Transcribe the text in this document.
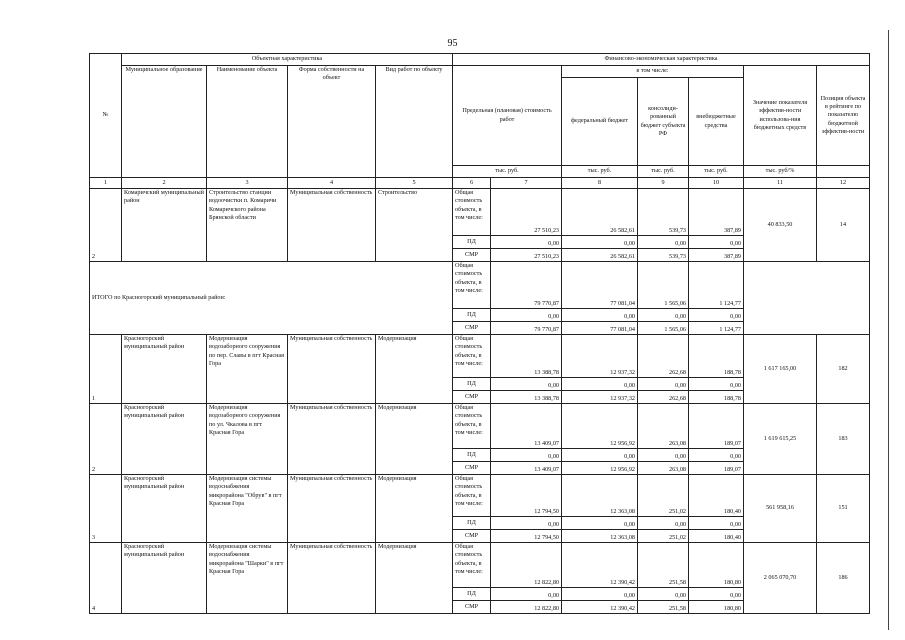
95
№	Объектная характеристика				Финансово-экономическая характеристика						
	Муниципальное образование	Наименование объекта	Форма собственности на объект	Вид работ по объекту	Предельная (плановая) стоимость работ		в том числе:			Значение показателя эффектив-ности использова-ния бюджетных средств	Позиция объекта в рейтинге по показателю бюджетной эффектив-ности
							федеральный бюджет	консолиди-рованный бюджет субъекта РФ	внебюджетные средства		
					тыс. руб.		тыс. руб.	тыс. руб.	тыс. руб.	тыс. руб/%	
1	2	3	4	5	6	7	8	9	10	11	12
2	Комаричский муниципальный район	Строительство станции водоочистки п. Комаричи Комаричского района Брянской области	Муниципальная собственность	Строительство	Общая стоимость объекта, в том числе:	27 510,23	26 582,61	539,73	387,89	40 833,50	14
					ПД	0,00	0,00	0,00	0,00		
					СМР	27 510,23	26 582,61	539,73	387,89		
ИТОГО по Красногорский муниципальный район:					Общая стоимость объекта, в том числе:	79 770,87	77 081,04	1 565,06	1 124,77		
					ПД	0,00	0,00	0,00	0,00		
					СМР	79 770,87	77 081,04	1 565,06	1 124,77		
1	Красногорский муниципальный район	Модернизация водозаборного сооружения по пер. Славы в пгт Красная Гора	Муниципальная собственность	Модернизация	Общая стоимость объекта, в том числе:	13 388,78	12 937,32	262,68	188,78	1 617 165,00	182
					ПД	0,00	0,00	0,00	0,00		
					СМР	13 388,78	12 937,32	262,68	188,78		
2	Красногорский муниципальный район	Модернизация водозаборного сооружения по ул. Чкалова в пгт Красная Гора	Муниципальная собственность	Модернизация	Общая стоимость объекта, в том числе:	13 409,07	12 956,92	263,08	189,07	1 619 615,25	183
					ПД	0,00	0,00	0,00	0,00		
					СМР	13 409,07	12 956,92	263,08	189,07		
3	Красногорский муниципальный район	Модернизация системы водоснабжения микрорайона "Обрув" в пгт Красная Гора	Муниципальная собственность	Модернизация	Общая стоимость объекта, в том числе:	12 794,50	12 363,08	251,02	180,40	561 958,16	151
					ПД	0,00	0,00	0,00	0,00		
					СМР	12 794,50	12 363,08	251,02	180,40		
4	Красногорский муниципальный район	Модернизация системы водоснабжения микрорайона "Шарки" в пгт Красная Гора	Муниципальная собственность	Модернизация	Общая стоимость объекта, в том числе:	12 822,80	12 390,42	251,58	180,80	2 065 070,70	186
					ПД	0,00	0,00	0,00	0,00		
					СМР	12 822,80	12 390,42	251,58	180,80		
